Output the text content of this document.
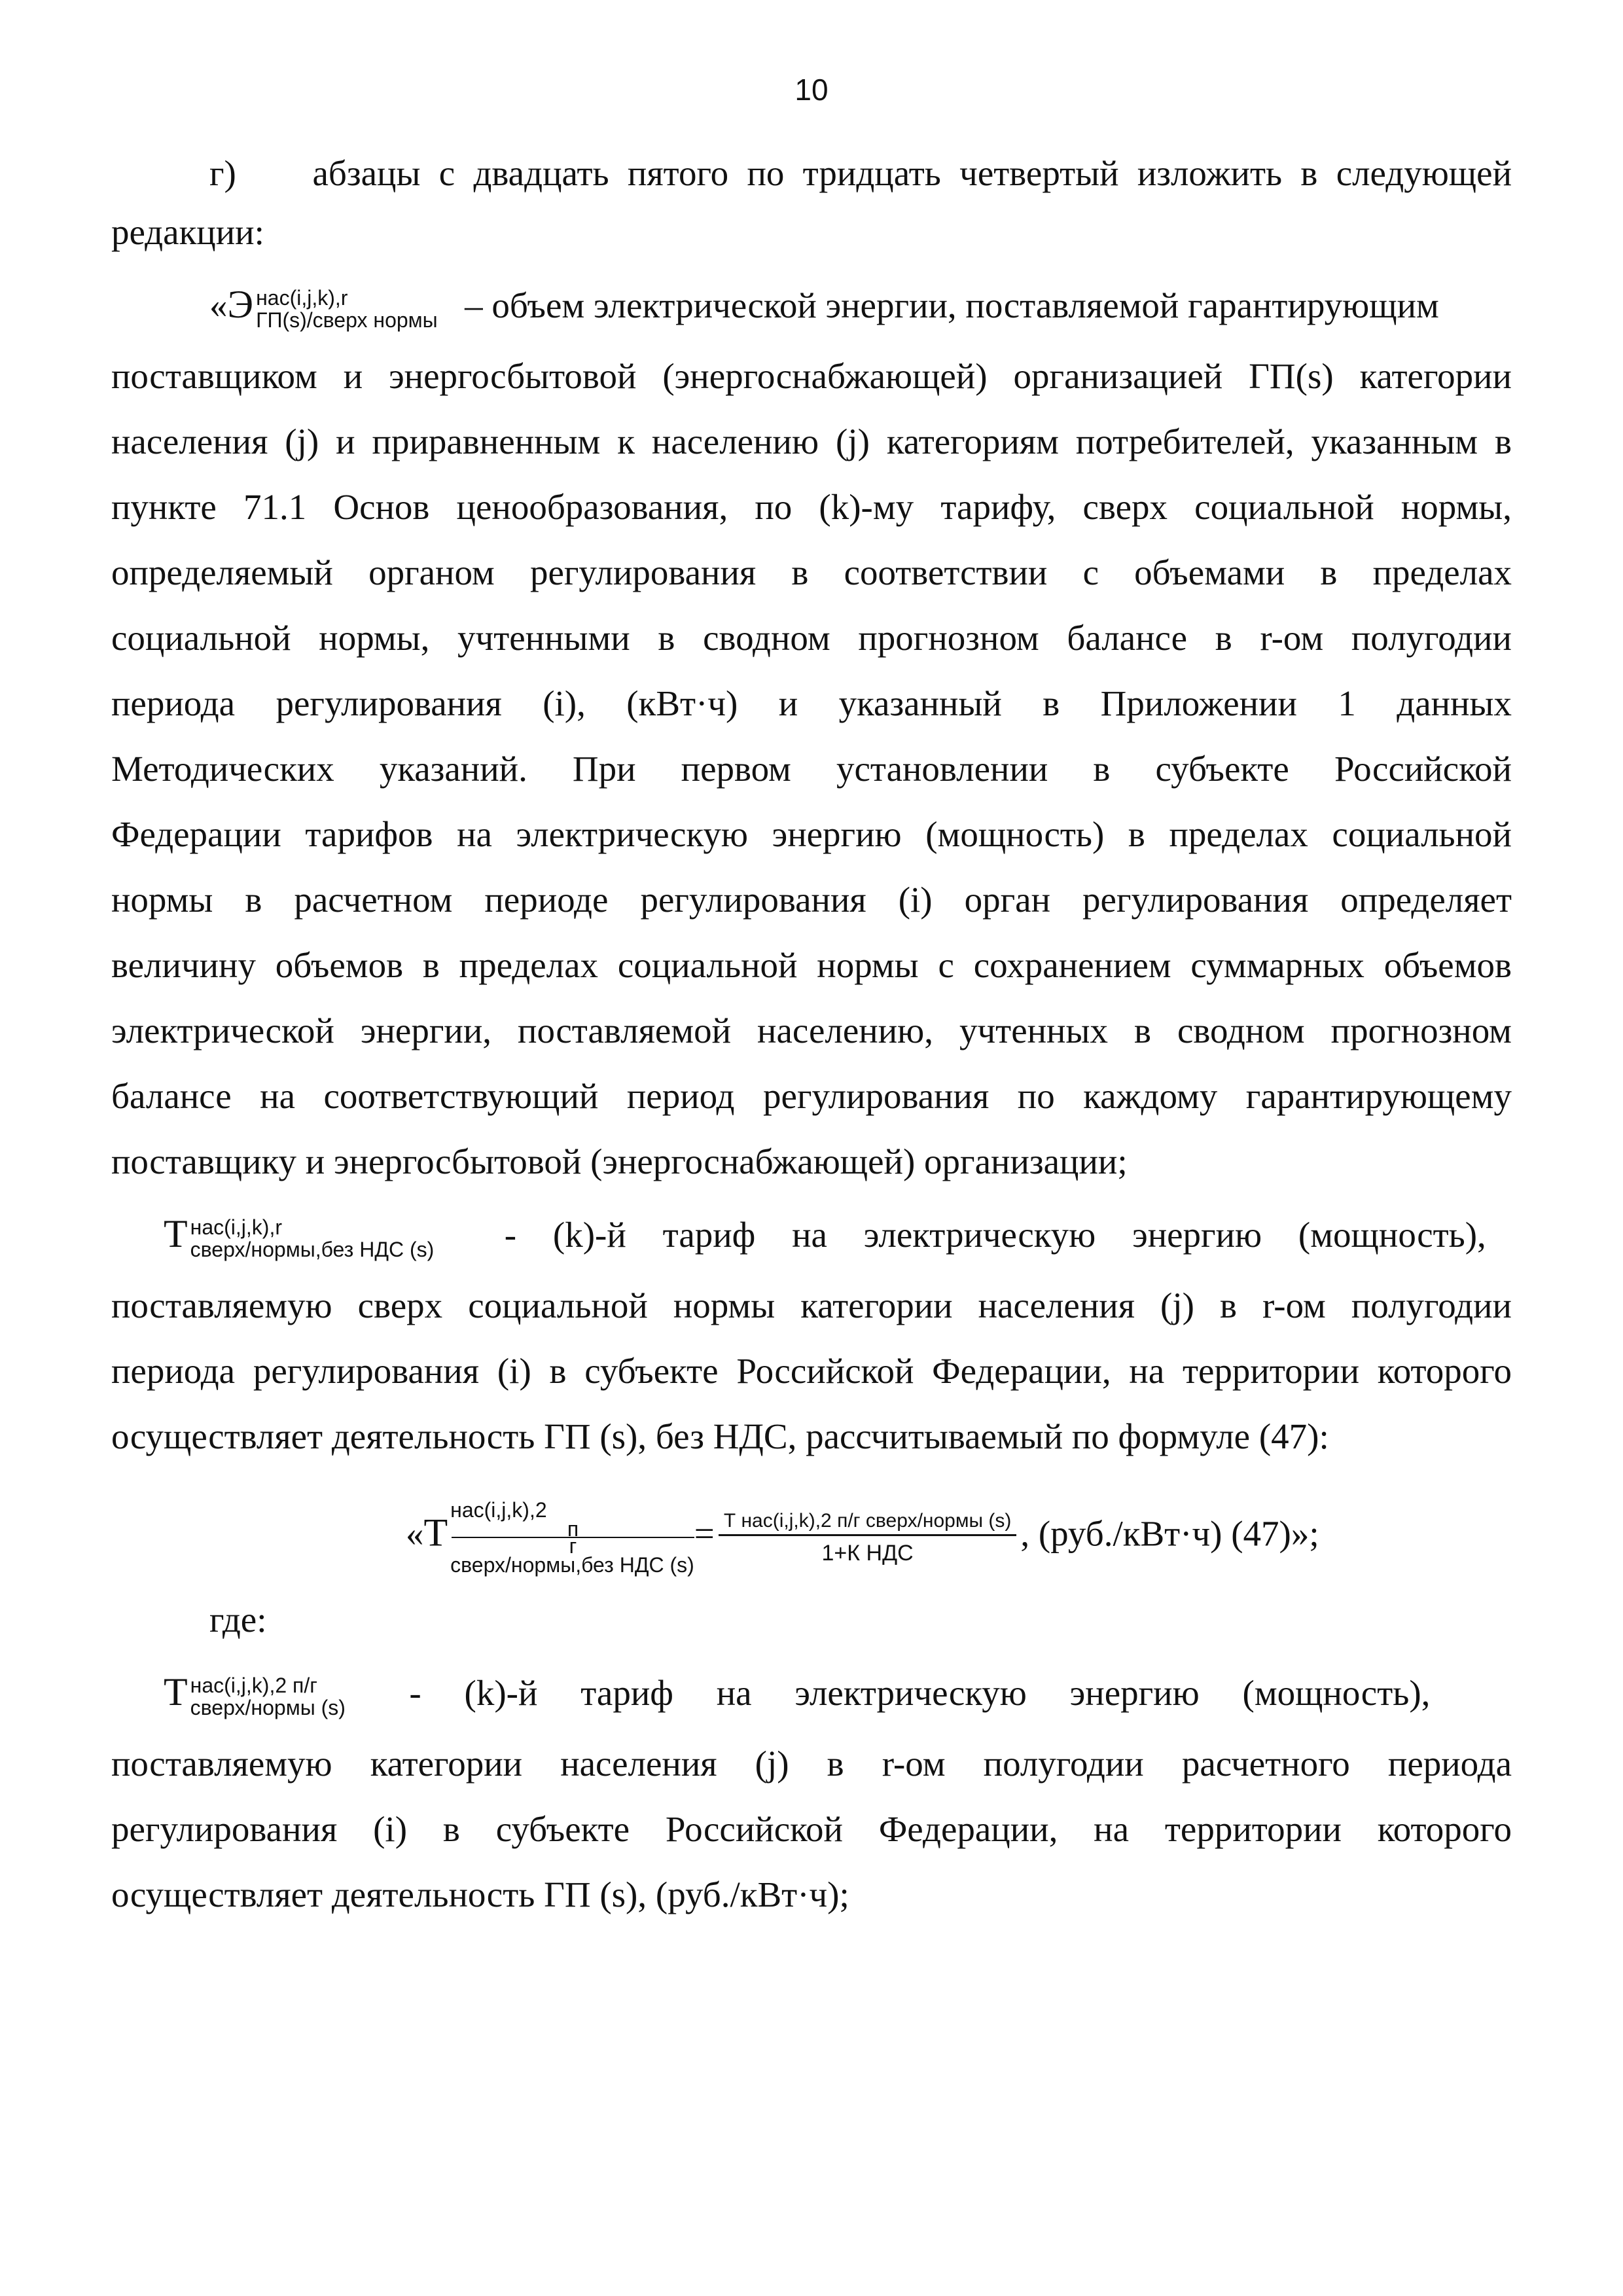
10
г) абзацы с двадцать пятого по тридцать четвертый изложить в следующей
редакции:
«Э нас(i,j,k),r
ГП(s)/сверх нормы – объем электрической энергии, поставляемой гарантирующим
поставщиком и энергосбытовой (энергоснабжающей) организацией ГП(s) категории
населения (j) и приравненным к населению (j) категориям потребителей, указанным в
пункте 71.1 Основ ценообразования, по (k)-му тарифу, сверх социальной нормы,
определяемый органом регулирования в соответствии с объемами в пределах
социальной нормы, учтенными в сводном прогнозном балансе в r-ом полугодии
периода регулирования (i), (кВт·ч) и указанный в Приложении 1 данных
Методических указаний. При первом установлении в субъекте Российской
Федерации тарифов на электрическую энергию (мощность) в пределах социальной
нормы в расчетном периоде регулирования (i) орган регулирования определяет
величину объемов в пределах социальной нормы с сохранением суммарных объемов
электрической энергии, поставляемой населению, учтенных в сводном прогнозном
балансе на соответствующий период регулирования по каждому гарантирующему
поставщику и энергосбытовой (энергоснабжающей) организации;
Т нас(i,j,k),r
сверх/нормы,без НДС (s) - (k)-й тариф на электрическую энергию (мощность),
поставляемую сверх социальной нормы категории населения (j) в r-ом полугодии
периода регулирования (i) в субъекте Российской Федерации, на территории которого
осуществляет деятельность ГП (s), без НДС, рассчитываемый по формуле (47):
«Т
нас(i,j,k),2
п
г
сверх/нормы,без НДС (s)
= $\frac{\text{Т нас(i,j,k),2 п/г сверх/нормы (s)}}{\text{1+К НДС}}$ , (руб./кВт·ч) (47)»;
где:
Т нас(i,j,k),2 п/г
сверх/нормы (s) - (k)-й тариф на электрическую энергию (мощность),
поставляемую категории населения (j) в r-ом полугодии расчетного периода
регулирования (i) в субъекте Российской Федерации, на территории которого
осуществляет деятельность ГП (s), (руб./кВт·ч);
